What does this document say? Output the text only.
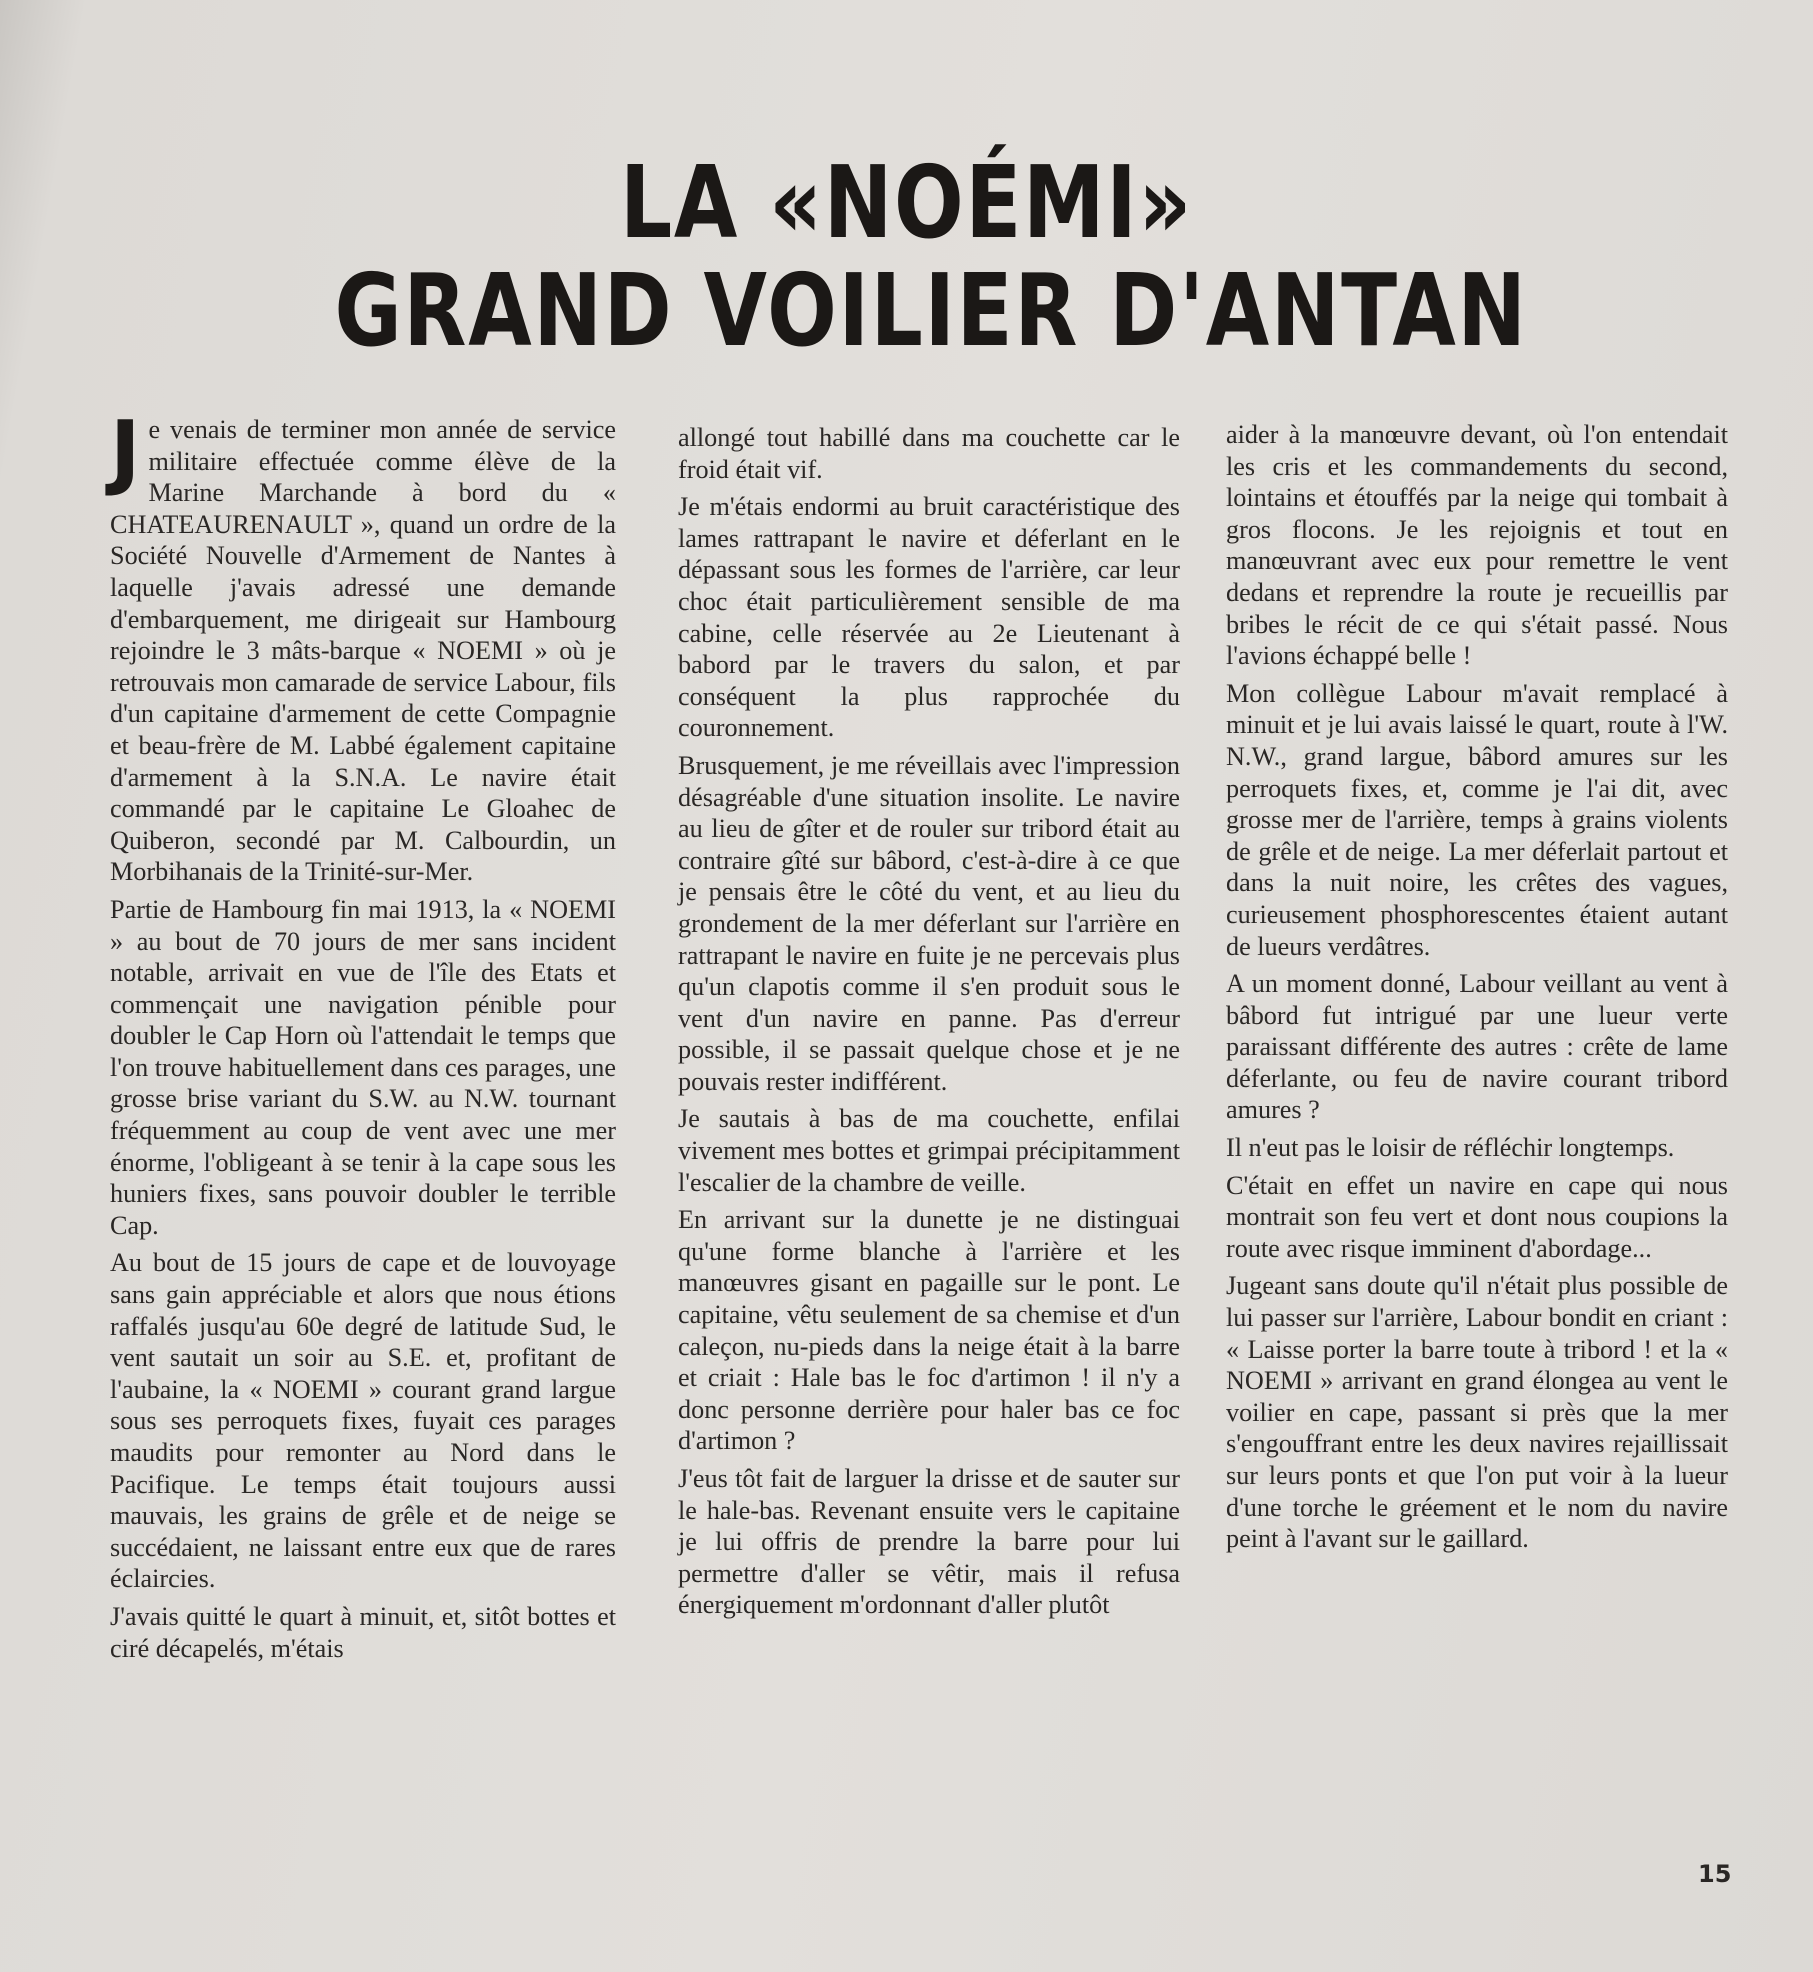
LA «NOÉMI»
GRAND VOILIER D'ANTAN

Je venais de terminer mon année de service militaire effectuée comme élève de la Marine Marchande à bord du « CHATEAURENAULT », quand un ordre de la Société Nouvelle d'Armement de Nantes à laquelle j'avais adressé une demande d'embarquement, me dirigeait sur Hambourg rejoindre le 3 mâts-barque « NOEMI » où je retrouvais mon camarade de service Labour, fils d'un capitaine d'armement de cette Compagnie et beau-frère de M. Labbé également capitaine d'armement à la S.N.A. Le navire était commandé par le capitaine Le Gloahec de Quiberon, secondé par M. Calbourdin, un Morbihanais de la Trinité-sur-Mer.

Partie de Hambourg fin mai 1913, la « NOEMI » au bout de 70 jours de mer sans incident notable, arrivait en vue de l'île des Etats et commençait une navigation pénible pour doubler le Cap Horn où l'attendait le temps que l'on trouve habituellement dans ces parages, une grosse brise variant du S.W. au N.W. tournant fréquemment au coup de vent avec une mer énorme, l'obligeant à se tenir à la cape sous les huniers fixes, sans pouvoir doubler le terrible Cap.

Au bout de 15 jours de cape et de louvoyage sans gain appréciable et alors que nous étions raffalés jusqu'au 60e degré de latitude Sud, le vent sautait un soir au S.E. et, profitant de l'aubaine, la « NOEMI » courant grand largue sous ses perroquets fixes, fuyait ces parages maudits pour remonter au Nord dans le Pacifique. Le temps était toujours aussi mauvais, les grains de grêle et de neige se succédaient, ne laissant entre eux que de rares éclaircies.

J'avais quitté le quart à minuit, et, sitôt bottes et ciré décapelés, m'étais

allongé tout habillé dans ma couchette car le froid était vif.

Je m'étais endormi au bruit caractéristique des lames rattrapant le navire et déferlant en le dépassant sous les formes de l'arrière, car leur choc était particulièrement sensible de ma cabine, celle réservée au 2e Lieutenant à babord par le travers du salon, et par conséquent la plus rapprochée du couronnement.

Brusquement, je me réveillais avec l'impression désagréable d'une situation insolite. Le navire au lieu de gîter et de rouler sur tribord était au contraire gîté sur bâbord, c'est-à-dire à ce que je pensais être le côté du vent, et au lieu du grondement de la mer déferlant sur l'arrière en rattrapant le navire en fuite je ne percevais plus qu'un clapotis comme il s'en produit sous le vent d'un navire en panne. Pas d'erreur possible, il se passait quelque chose et je ne pouvais rester indifférent.

Je sautais à bas de ma couchette, enfilai vivement mes bottes et grimpai précipitamment l'escalier de la chambre de veille.

En arrivant sur la dunette je ne distinguai qu'une forme blanche à l'arrière et les manœuvres gisant en pagaille sur le pont. Le capitaine, vêtu seulement de sa chemise et d'un caleçon, nu-pieds dans la neige était à la barre et criait : Hale bas le foc d'artimon ! il n'y a donc personne derrière pour haler bas ce foc d'artimon ?

J'eus tôt fait de larguer la drisse et de sauter sur le hale-bas. Revenant ensuite vers le capitaine je lui offris de prendre la barre pour lui permettre d'aller se vêtir, mais il refusa énergiquement m'ordonnant d'aller plutôt

aider à la manœuvre devant, où l'on entendait les cris et les commandements du second, lointains et étouffés par la neige qui tombait à gros flocons. Je les rejoignis et tout en manœuvrant avec eux pour remettre le vent dedans et reprendre la route je recueillis par bribes le récit de ce qui s'était passé. Nous l'avions échappé belle !

Mon collègue Labour m'avait remplacé à minuit et je lui avais laissé le quart, route à l'W. N.W., grand largue, bâbord amures sur les perroquets fixes, et, comme je l'ai dit, avec grosse mer de l'arrière, temps à grains violents de grêle et de neige. La mer déferlait partout et dans la nuit noire, les crêtes des vagues, curieusement phosphorescentes étaient autant de lueurs verdâtres.

A un moment donné, Labour veillant au vent à bâbord fut intrigué par une lueur verte paraissant différente des autres : crête de lame déferlante, ou feu de navire courant tribord amures ?

Il n'eut pas le loisir de réfléchir longtemps.

C'était en effet un navire en cape qui nous montrait son feu vert et dont nous coupions la route avec risque imminent d'abordage...

Jugeant sans doute qu'il n'était plus possible de lui passer sur l'arrière, Labour bondit en criant : « Laisse porter la barre toute à tribord ! et la « NOEMI » arrivant en grand élongea au vent le voilier en cape, passant si près que la mer s'engouffrant entre les deux navires rejaillissait sur leurs ponts et que l'on put voir à la lueur d'une torche le gréement et le nom du navire peint à l'avant sur le gaillard.

15
